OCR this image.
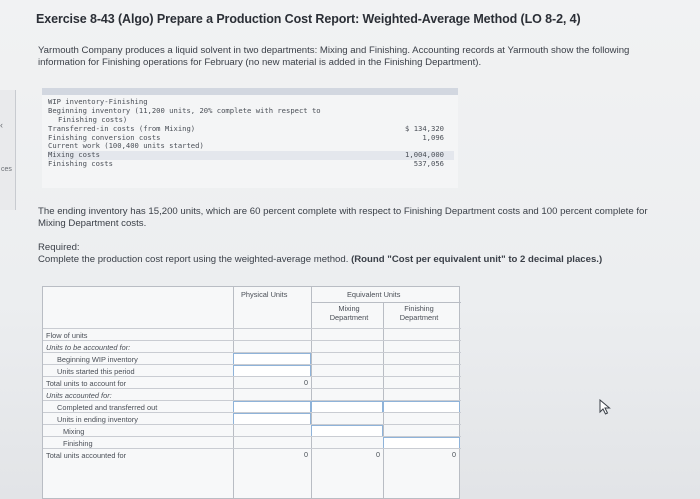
‹
ces
Exercise 8-43 (Algo) Prepare a Production Cost Report: Weighted-Average Method (LO 8-2, 4)
Yarmouth Company produces a liquid solvent in two departments: Mixing and Finishing. Accounting records at Yarmouth show the following information for Finishing operations for February (no new material is added in the Finishing Department).
WIP inventory-Finishing
Beginning inventory (11,200 units, 20% complete with respect to
Finishing costs)
Transferred-in costs (from Mixing)	$ 134,320
Finishing conversion costs	1,096
Current work (100,400 units started)
Mixing costs	1,004,000
Finishing costs	537,056
The ending inventory has 15,200 units, which are 60 percent complete with respect to Finishing Department costs and 100 percent complete for Mixing Department costs.
Required:
Complete the production cost report using the weighted-average method. (Round "Cost per equivalent unit" to 2 decimal places.)
Physical Units	Equivalent Units
Mixing Department
Finishing Department
Flow of units
Units to be accounted for:
Beginning WIP inventory
Units started this period
Total units to account for	0
Units accounted for:
Completed and transferred out
Units in ending inventory
Mixing
Finishing
Total units accounted for	0	0	0
